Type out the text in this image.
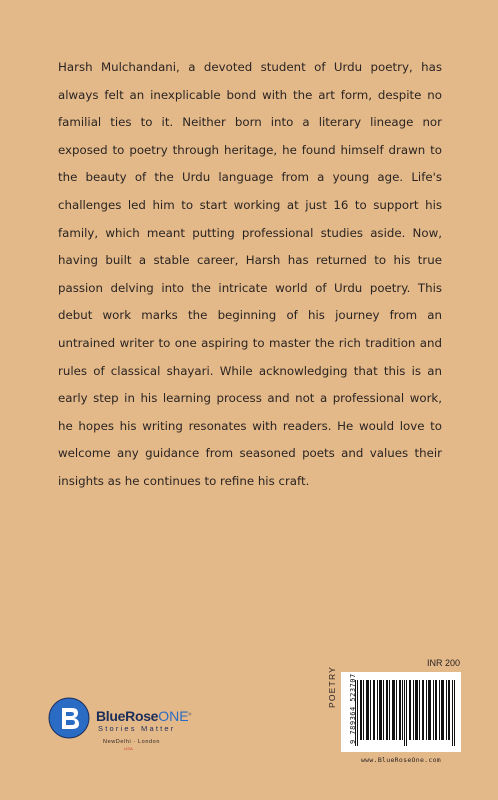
Harsh Mulchandani, a devoted student of Urdu poetry, has always felt an inexplicable bond with the art form, despite no familial ties to it. Neither born into a literary lineage nor exposed to poetry through heritage, he found himself drawn to the beauty of the Urdu language from a young age. Life's challenges led him to start working at just 16 to support his family, which meant putting professional studies aside. Now, having built a stable career, Harsh has returned to his true passion delving into the intricate world of Urdu poetry. This debut work marks the beginning of his journey from an untrained writer to one aspiring to master the rich tradition and rules of classical shayari. While acknowledging that this is an early step in his learning process and not a professional work, he hopes his writing resonates with readers. He would love to welcome any guidance from seasoned poets and values their insights as he continues to refine his craft.

INR 200
POETRY 9 789364 523707
www.BlueRoseOne.com
BlueRoseONE®
Stories Matter
NewDelhi · London
USA
